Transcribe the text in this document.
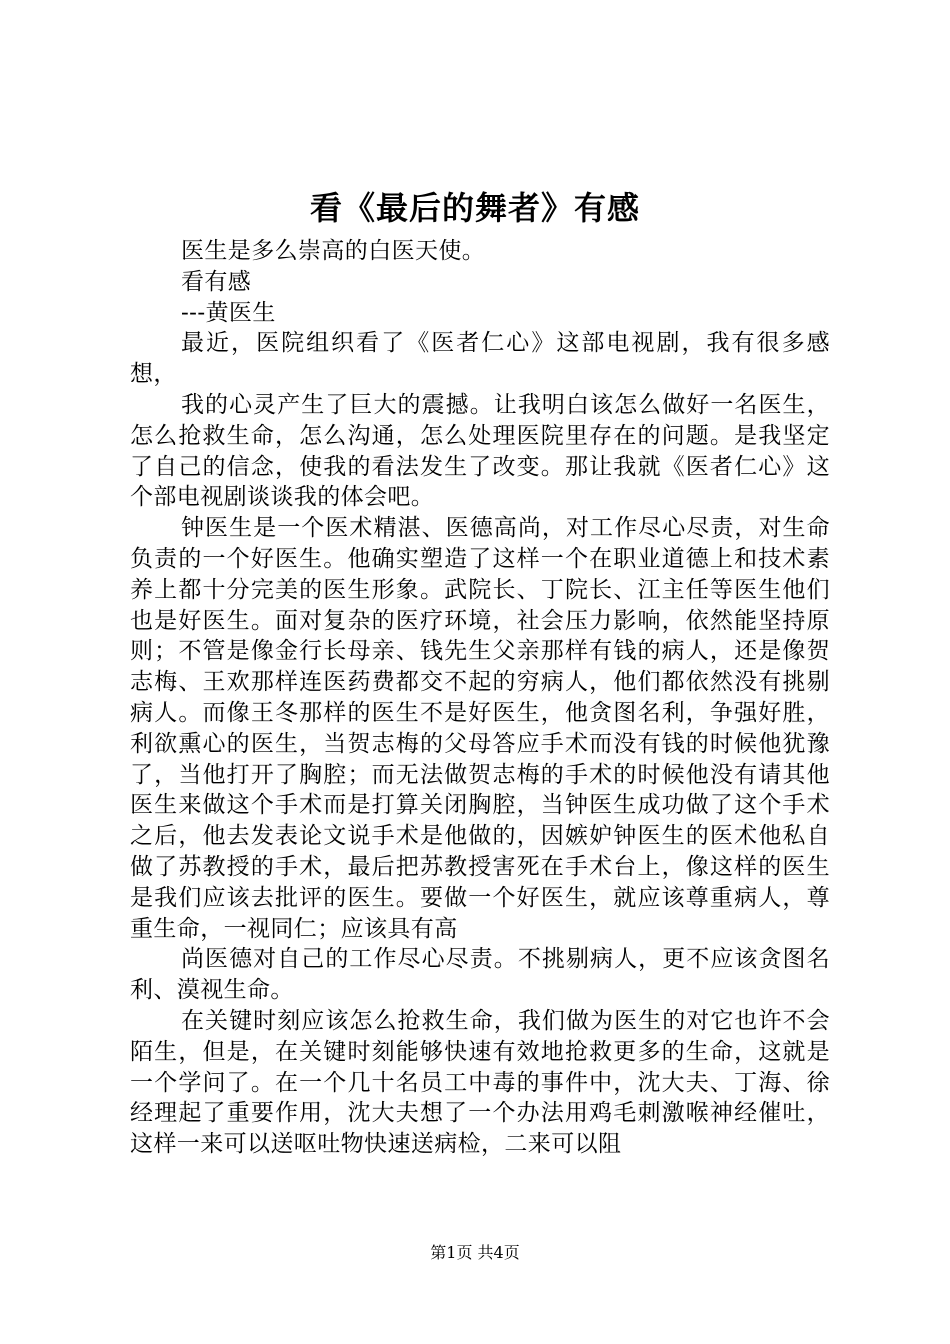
看《最后的舞者》有感

医生是多么崇高的白医天使。

看有感

---黄医生

最近，医院组织看了《医者仁心》这部电视剧，我有很多感想，

我的心灵产生了巨大的震撼。让我明白该怎么做好一名医生，怎么抢救生命，怎么沟通，怎么处理医院里存在的问题。是我坚定了自己的信念，使我的看法发生了改变。那让我就《医者仁心》这个部电视剧谈谈我的体会吧。

钟医生是一个医术精湛、医德高尚，对工作尽心尽责，对生命负责的一个好医生。他确实塑造了这样一个在职业道德上和技术素养上都十分完美的医生形象。武院长、丁院长、江主任等医生他们也是好医生。面对复杂的医疗环境，社会压力影响，依然能坚持原则；不管是像金行长母亲、钱先生父亲那样有钱的病人，还是像贺志梅、王欢那样连医药费都交不起的穷病人，他们都依然没有挑剔病人。而像王冬那样的医生不是好医生，他贪图名利，争强好胜，利欲熏心的医生，当贺志梅的父母答应手术而没有钱的时候他犹豫了，当他打开了胸腔；而无法做贺志梅的手术的时候他没有请其他医生来做这个手术而是打算关闭胸腔，当钟医生成功做了这个手术之后，他去发表论文说手术是他做的，因嫉妒钟医生的医术他私自做了苏教授的手术，最后把苏教授害死在手术台上，像这样的医生是我们应该去批评的医生。要做一个好医生，就应该尊重病人，尊重生命，一视同仁；应该具有高

尚医德对自己的工作尽心尽责。不挑剔病人，更不应该贪图名利、漠视生命。

在关键时刻应该怎么抢救生命，我们做为医生的对它也许不会陌生，但是，在关键时刻能够快速有效地抢救更多的生命，这就是一个学问了。在一个几十名员工中毒的事件中，沈大夫、丁海、徐经理起了重要作用，沈大夫想了一个办法用鸡毛刺激喉神经催吐，这样一来可以送呕吐物快速送病检，二来可以阻

第1页 共4页
